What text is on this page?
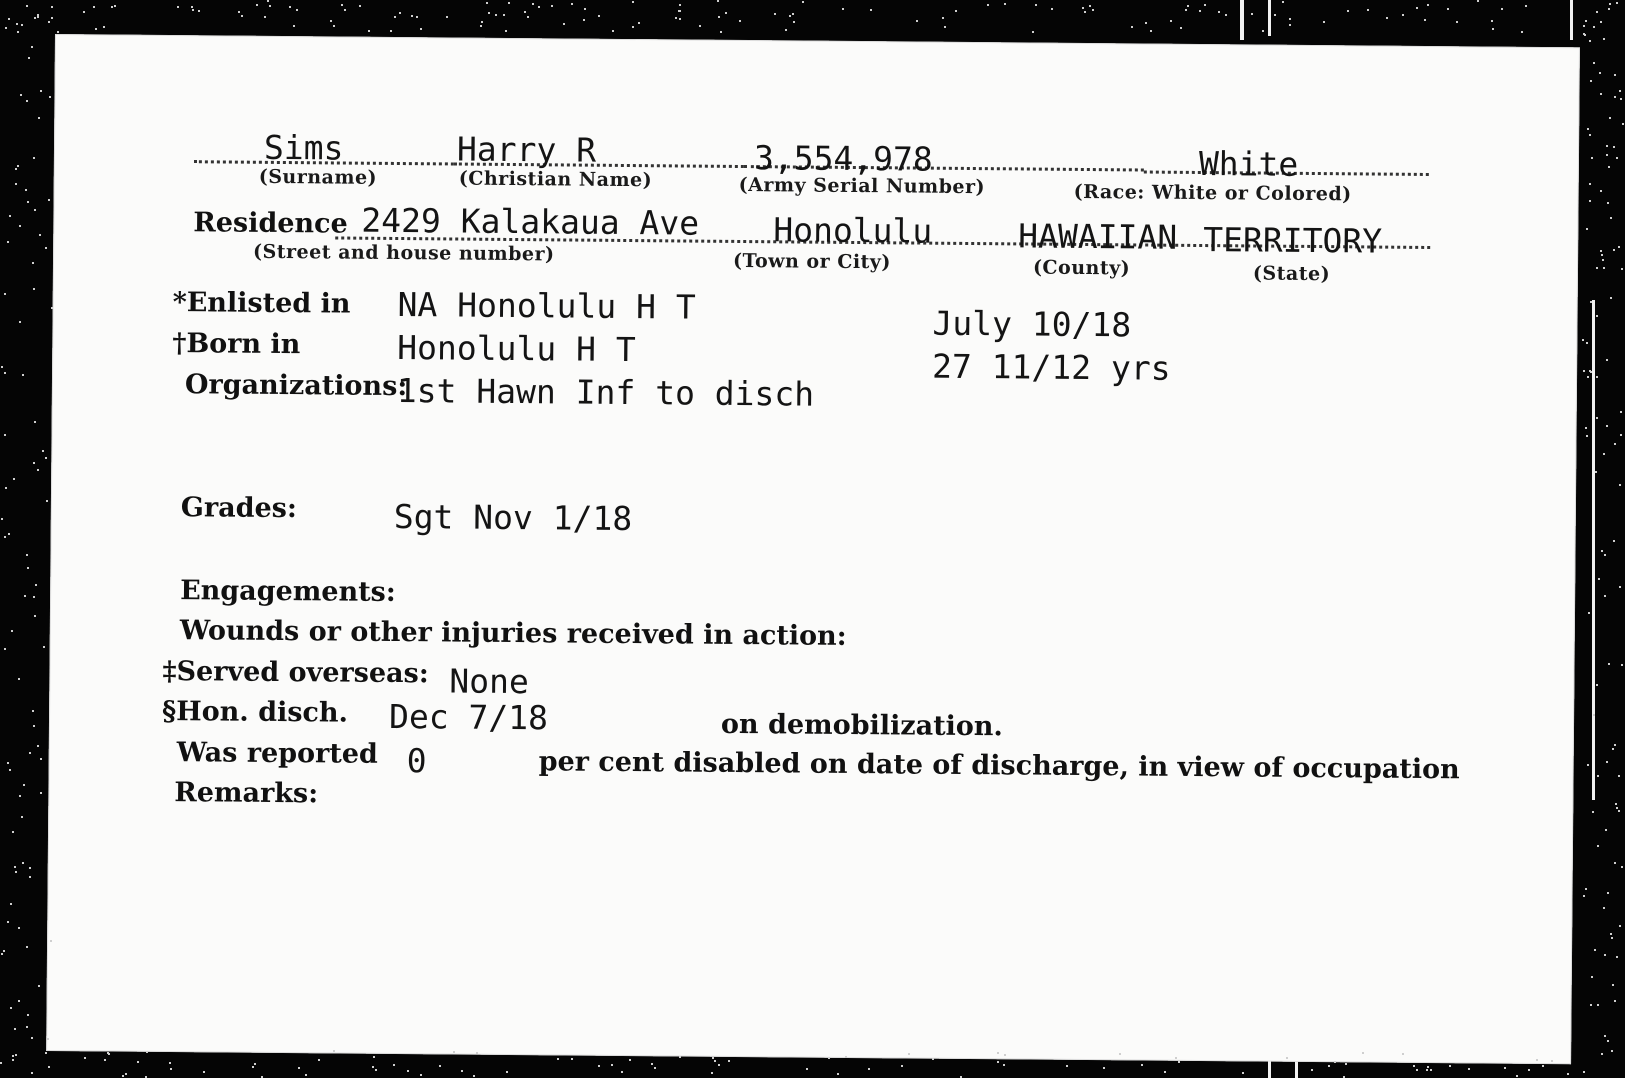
Sims
(Surname)
Harry R
(Christian Name)
3,554,978
(Army Serial Number)
White
(Race: White or Colored)
Residence 2429 Kalakaua Ave
(Street and house number)
Honolulu
(Town or City)
HAWAIIAN
(County)
TERRITORY
(State)
*Enlisted in NA Honolulu H T	July 10/18
†Born in	Honolulu H T	27 11/12 yrs
Organizations:
1st Hawn Inf to disch
Grades:	Sgt Nov 1/18
Engagements:
Wounds or other injuries received in action:
‡Served overseas: None
§Hon. disch. Dec 7/18	on demobilization.
Was reported 0	per cent disabled on date of discharge, in view of occupation
Remarks:
